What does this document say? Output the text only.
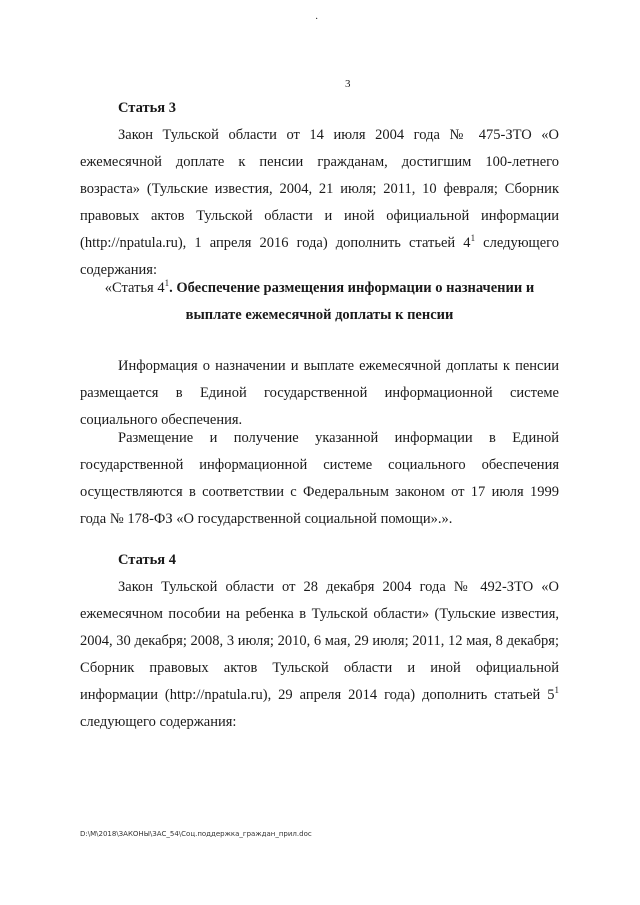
·
3
Статья 3
Закон Тульской области от 14 июля 2004 года № 475-ЗТО «О ежемесячной доплате к пенсии гражданам, достигшим 100-летнего возраста» (Тульские известия, 2004, 21 июля; 2011, 10 февраля; Сборник правовых актов Тульской области и иной официальной информации (http://npatula.ru), 1 апреля 2016 года) дополнить статьей $4^1$ следующего содержания:
«Статья $4^1$. Обеспечение размещения информации о назначении и
выплате ежемесячной доплаты к пенсии
Информация о назначении и выплате ежемесячной доплаты к пенсии размещается в Единой государственной информационной системе социального обеспечения.
Размещение и получение указанной информации в Единой государственной информационной системе социального обеспечения осуществляются в соответствии с Федеральным законом от 17 июля 1999 года № 178-ФЗ «О государственной социальной помощи».».
Статья 4
Закон Тульской области от 28 декабря 2004 года № 492-ЗТО «О ежемесячном пособии на ребенка в Тульской области» (Тульские известия, 2004, 30 декабря; 2008, 3 июля; 2010, 6 мая, 29 июля; 2011, 12 мая, 8 декабря; Сборник правовых актов Тульской области и иной официальной информации (http://npatula.ru), 29 апреля 2014 года) дополнить статьей $5^1$ следующего содержания:
D:\M\2018\ЗАКОНЫ\ЗАС_54\Соц.поддержка_граждан_прил.doc
